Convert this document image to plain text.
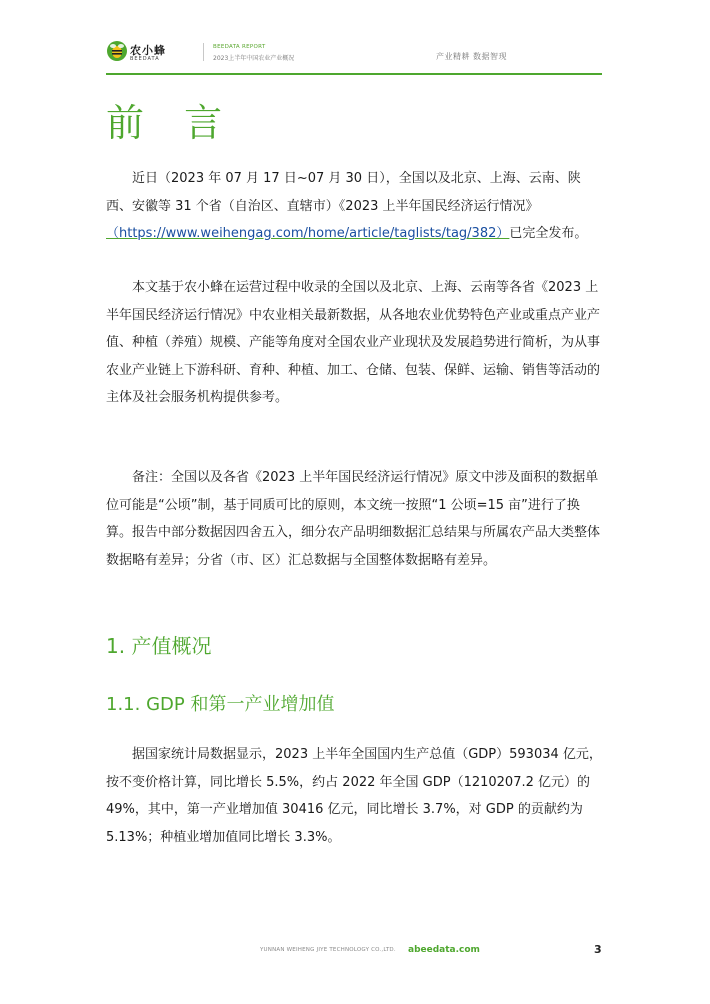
农小蜂
BEEDATA
BEEDATA REPORT
2023上半年中国农业产业概况	产业精耕 数据智现
前 言

近日（2023 年 07 月 17 日~07 月 30 日），全国以及北京、上海、云南、陕西、安徽等 31 个省（自治区、直辖市）《2023 上半年国民经济运行情况》（https://www.weihengag.com/home/article/taglists/tag/382）已完全发布。

本文基于农小蜂在运营过程中收录的全国以及北京、上海、云南等各省《2023 上半年国民经济运行情况》中农业相关最新数据，从各地农业优势特色产业或重点产业产值、种植（养殖）规模、产能等角度对全国农业产业现状及发展趋势进行简析，为从事农业产业链上下游科研、育种、种植、加工、仓储、包装、保鲜、运输、销售等活动的主体及社会服务机构提供参考。

备注：全国以及各省《2023 上半年国民经济运行情况》原文中涉及面积的数据单位可能是“公顷”制，基于同质可比的原则，本文统一按照“1 公顷=15 亩”进行了换算。报告中部分数据因四舍五入，细分农产品明细数据汇总结果与所属农产品大类整体数据略有差异；分省（市、区）汇总数据与全国整体数据略有差异。

1. 产值概况
1.1. GDP 和第一产业增加值

据国家统计局数据显示，2023 上半年全国国内生产总值（GDP）593034 亿元，按不变价格计算，同比增长 5.5%，约占 2022 年全国 GDP（1210207.2 亿元）的 49%，其中，第一产业增加值 30416 亿元，同比增长 3.7%，对 GDP 的贡献约为 5.13%；种植业增加值同比增长 3.3%。

YUNNAN WEIHENG JIYE TECHNOLOGY CO.,LTD. abeedata.com	3
